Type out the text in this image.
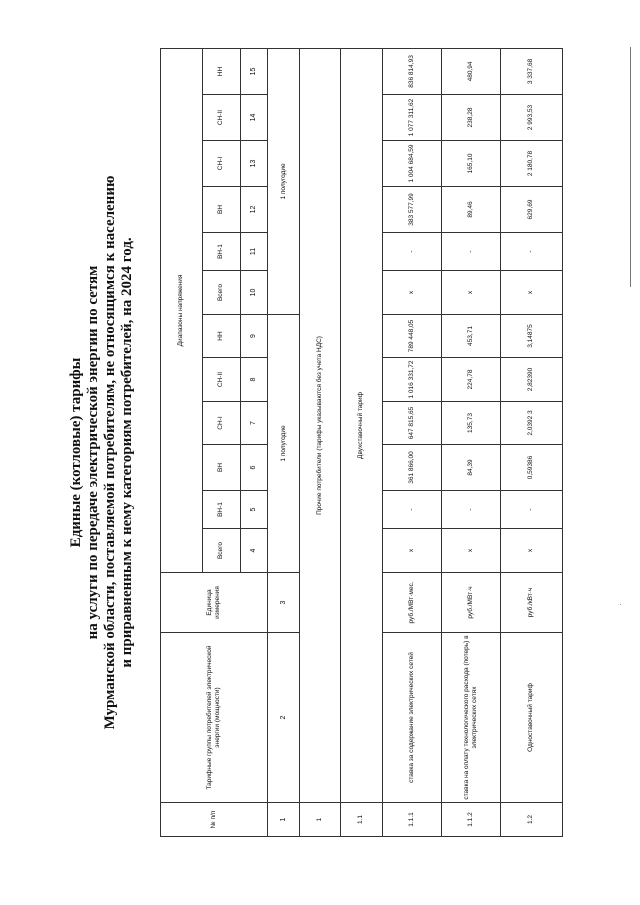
Единые (котловые) тарифы на услуги по передаче электрической энергии по сетям Мурманской области, поставляемой потребителям, не относящимся к населению и приравненным к нему категориям потребителей, на 2024 год.
№ п/п	Тарифные группы потребителей электрической энергии (мощности)	Единица измерения	Диапазоны напряжения											
			Всего	ВН-1	ВН	СН-I	СН-II	НН	Всего	ВН-1	ВН	СН-I	СН-II	НН
			4	5	6	7	8	9	10	11	12	13	14	15
1	2	3	1 полугодие						1 полугодие					
1	Прочие потребители (тарифы указываются без учета НДС)													
1.1	Двухставочный тариф													
1.1.1	ставка за содержание электрических сетей	руб./МВт·мес.	х	-	361 866,00	647 815,65	1 016 331,72	789 448,05	х	-	383 577,99	1 004 684,59	1 077 311,62	836 814,93
1.1.2	ставка на оплату технологического расхода (потерь) в электрических сетях	руб./МВт·ч	х	-	84,39	135,73	224,78	453,71	х	-	89,46	165,10	238,28	480,94
1.2	Одноставочный тариф	руб./кВт·ч	х	-	0,59386	2,0392 3	2,82390	3,14875	х	-	629,69	2 180,78	2 993,53	3 337,68
